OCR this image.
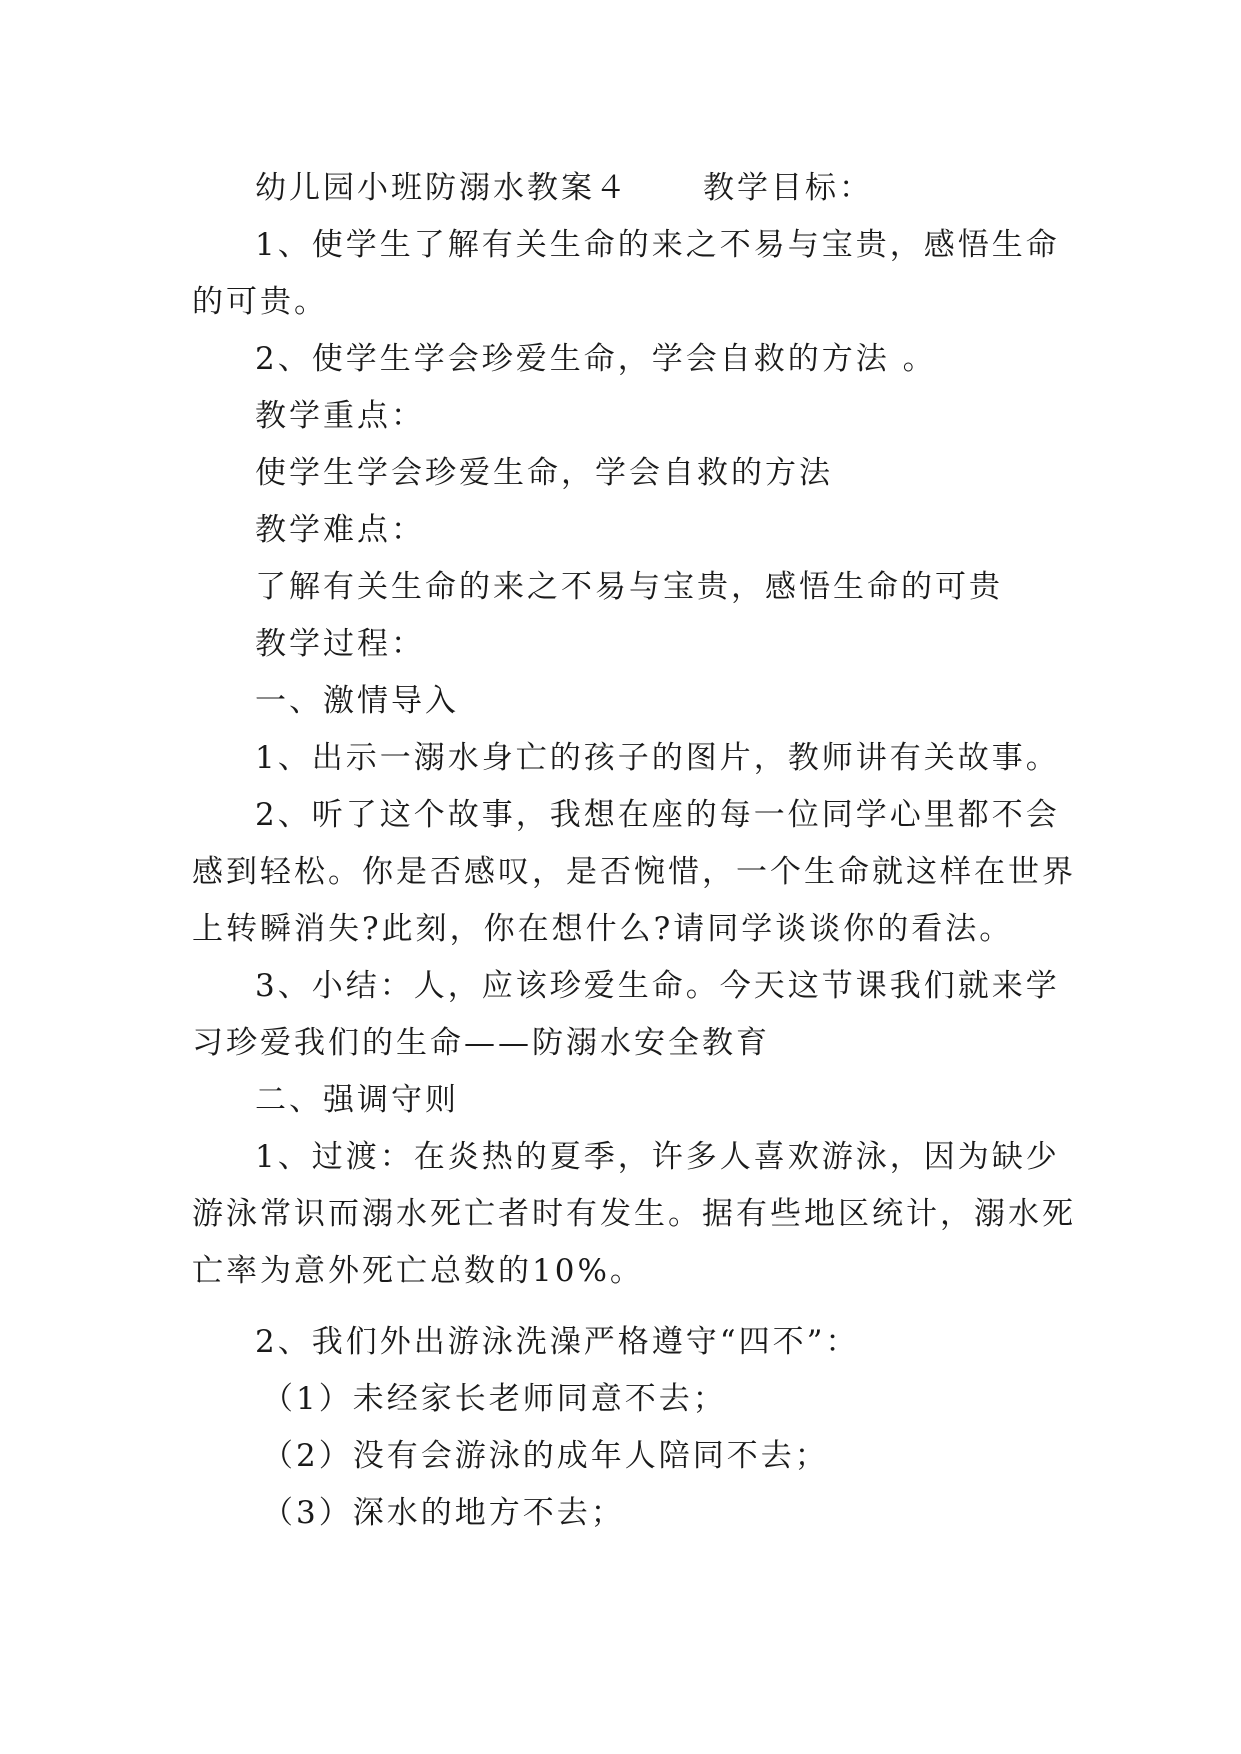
幼儿园小班防溺水教案４ 教学目标：
1、使学生了解有关生命的来之不易与宝贵，感悟生命
的可贵。
2、使学生学会珍爱生命，学会自救的方法 。
教学重点：
使学生学会珍爱生命，学会自救的方法
教学难点：
了解有关生命的来之不易与宝贵，感悟生命的可贵
教学过程：
一、激情导入
1、出示一溺水身亡的孩子的图片，教师讲有关故事。
2、听了这个故事，我想在座的每一位同学心里都不会
感到轻松。你是否感叹，是否惋惜，一个生命就这样在世界
上转瞬消失?此刻，你在想什么?请同学谈谈你的看法。
3、小结：人，应该珍爱生命。今天这节课我们就来学
习珍爱我们的生命——防溺水安全教育
二、强调守则
1、过渡：在炎热的夏季，许多人喜欢游泳，因为缺少
游泳常识而溺水死亡者时有发生。据有些地区统计，溺水死
亡率为意外死亡总数的10%。
2、我们外出游泳洗澡严格遵守“四不”：
（1）未经家长老师同意不去；
（2）没有会游泳的成年人陪同不去；
（3）深水的地方不去；
